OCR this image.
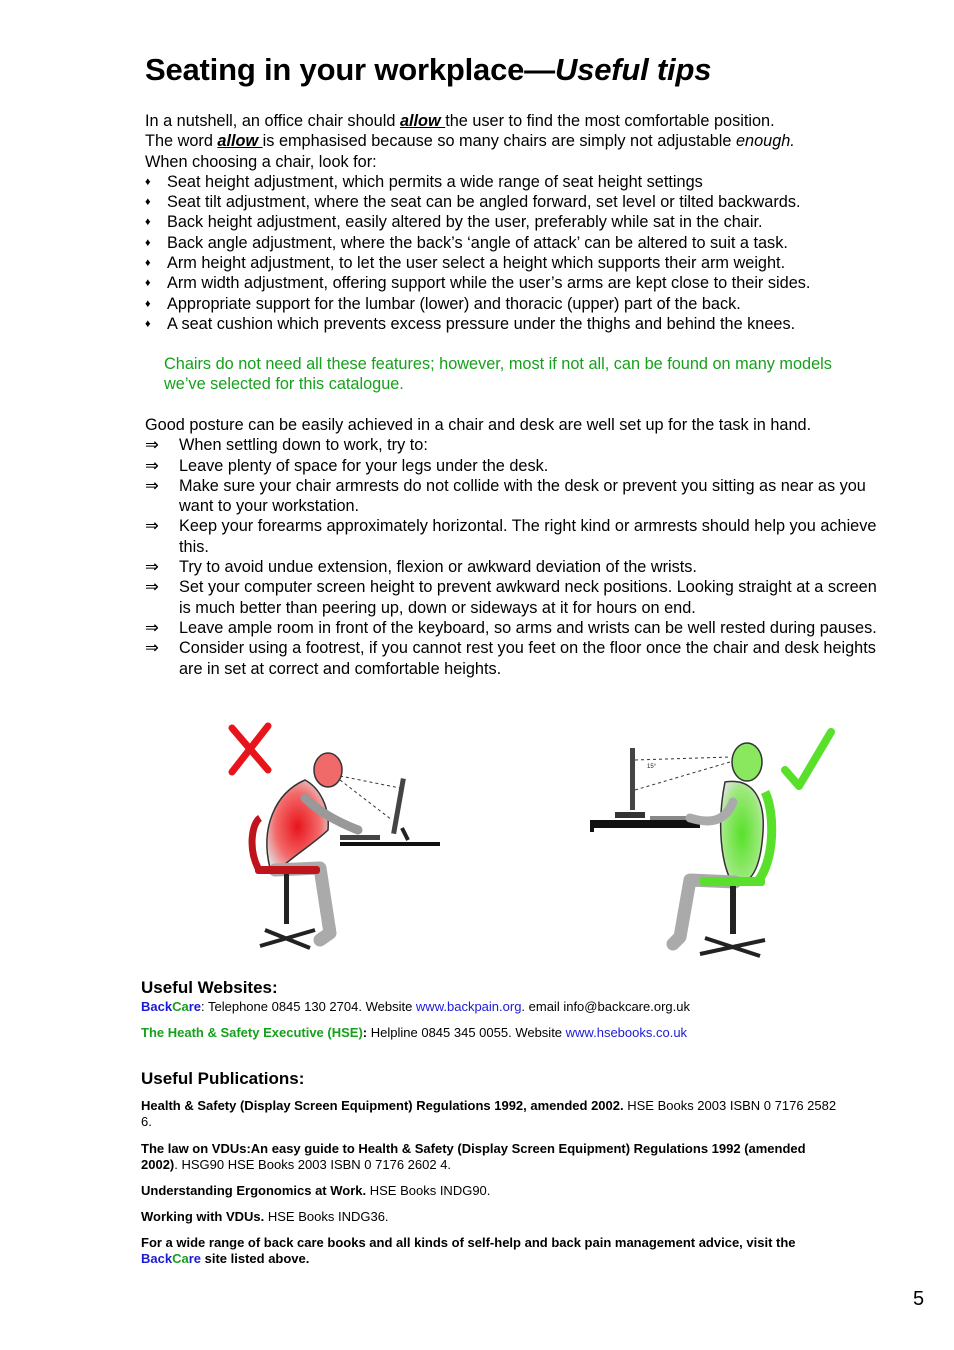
Seating in your workplace—Useful tips

In a nutshell, an office chair should allow the user to find the most comfortable position.

The word allow is emphasised because so many chairs are simply not adjustable enough.

When choosing a chair, look for:

♦ Seat height adjustment, which permits a wide range of seat height settings
♦ Seat tilt adjustment, where the seat can be angled forward, set level or tilted backwards.
♦ Back height adjustment, easily altered by the user, preferably while sat in the chair.
♦ Back angle adjustment, where the back’s ‘angle of attack’ can be altered to suit a task.
♦ Arm height adjustment, to let the user select a height which supports their arm weight.
♦ Arm width adjustment, offering support while the user’s arms are kept close to their sides.
♦ Appropriate support for the lumbar (lower) and thoracic (upper) part of the back.
♦ A seat cushion which prevents excess pressure under the thighs and behind the knees.
Chairs do not need all these features; however, most if not all, can be found on many models we’ve selected for this catalogue.

Good posture can be easily achieved in a chair and desk are well set up for the task in hand.

⇒ When settling down to work, try to:
⇒ Leave plenty of space for your legs under the desk.
⇒ Make sure your chair armrests do not collide with the desk or prevent you sitting as near as you want to your workstation.
⇒ Keep your forearms approximately horizontal. The right kind or armrests should help you achieve this.
⇒ Try to avoid undue extension, flexion or awkward deviation of the wrists.
⇒ Set your computer screen height to prevent awkward neck positions. Looking straight at a screen is much better than peering up, down or sideways at it for hours on end.
⇒ Leave ample room in front of the keyboard, so arms and wrists can be well rested during pauses.
⇒ Consider using a footrest, if you cannot rest you feet on the floor once the chair and desk heights are in set at correct and comfortable heights.
15°
Useful Websites:
BackCare: Telephone 0845 130 2704. Website www.backpain.org. email info@backcare.org.uk
The Heath & Safety Executive (HSE): Helpline 0845 345 0055. Website www.hsebooks.co.uk
Useful Publications:
Health & Safety (Display Screen Equipment) Regulations 1992, amended 2002. HSE Books 2003 ISBN 0 7176 2582 6.
The law on VDUs:An easy guide to Health & Safety (Display Screen Equipment) Regulations 1992 (amended 2002). HSG90 HSE Books 2003 ISBN 0 7176 2602 4.
Understanding Ergonomics at Work. HSE Books INDG90.
Working with VDUs. HSE Books INDG36.
For a wide range of back care books and all kinds of self-help and back pain management advice, visit the BackCare site listed above.
5
